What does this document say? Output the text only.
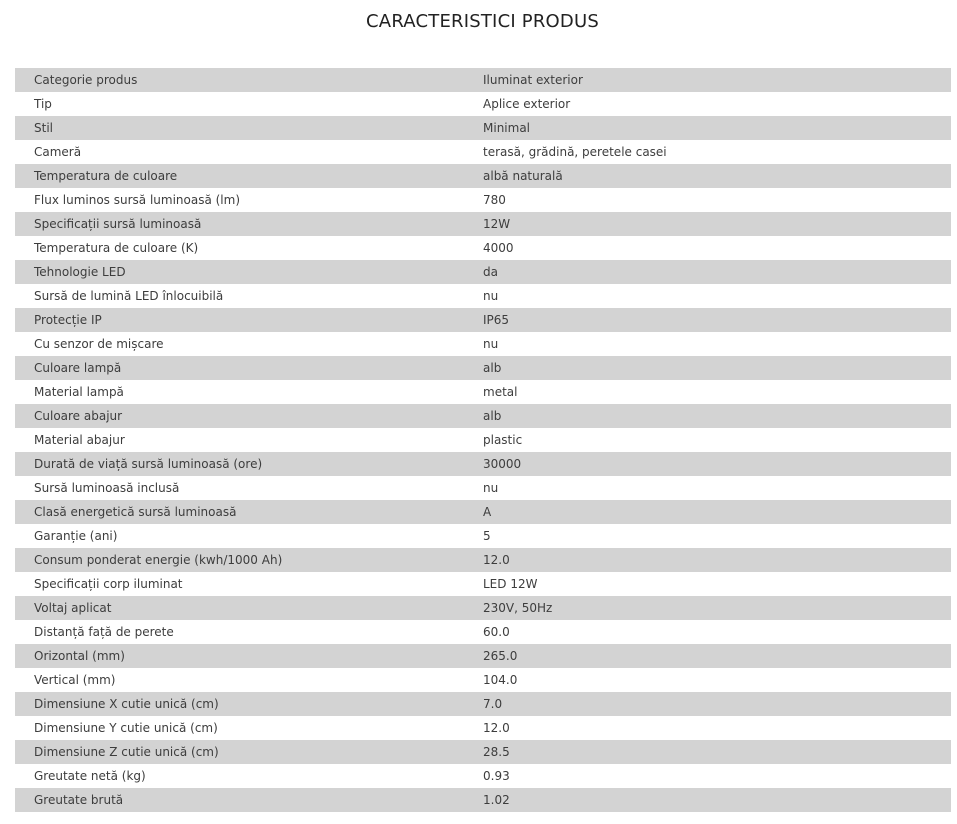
CARACTERISTICI PRODUS
Categorie produs	Iluminat exterior
Tip	Aplice exterior
Stil	Minimal
Cameră	terasă, grădină, peretele casei
Temperatura de culoare	albă naturală
Flux luminos sursă luminoasă (lm)	780
Specificații sursă luminoasă	12W
Temperatura de culoare (K)	4000
Tehnologie LED	da
Sursă de lumină LED înlocuibilă	nu
Protecție IP	IP65
Cu senzor de mișcare	nu
Culoare lampă	alb
Material lampă	metal
Culoare abajur	alb
Material abajur	plastic
Durată de viață sursă luminoasă (ore)	30000
Sursă luminoasă inclusă	nu
Clasă energetică sursă luminoasă	A
Garanție (ani)	5
Consum ponderat energie (kwh/1000 Ah)	12.0
Specificații corp iluminat	LED 12W
Voltaj aplicat	230V, 50Hz
Distanță față de perete	60.0
Orizontal (mm)	265.0
Vertical (mm)	104.0
Dimensiune X cutie unică (cm)	7.0
Dimensiune Y cutie unică (cm)	12.0
Dimensiune Z cutie unică (cm)	28.5
Greutate netă (kg)	0.93
Greutate brută	1.02
